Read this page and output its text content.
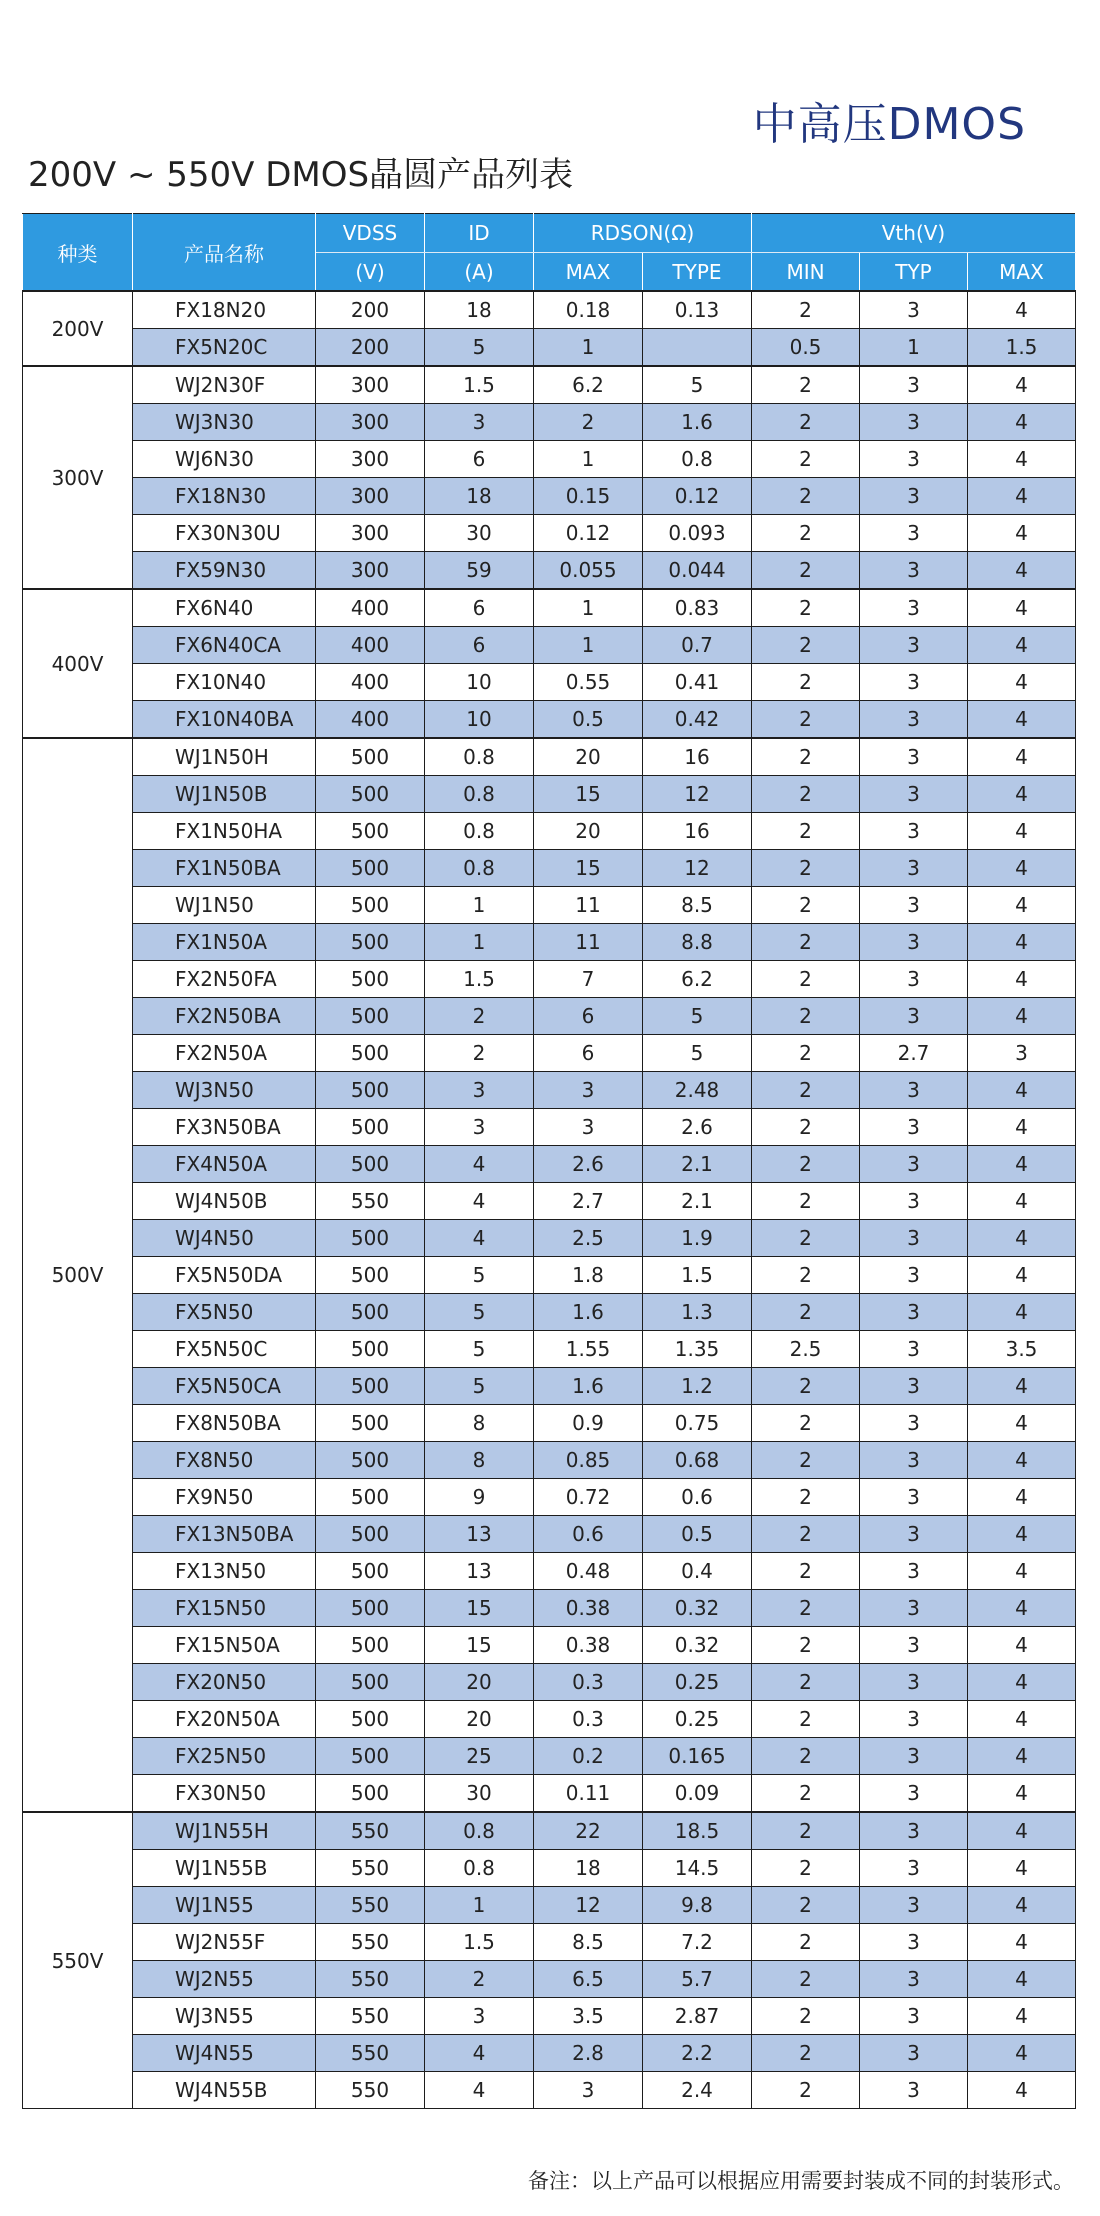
中高压DMOS
200V ~ 550V DMOS晶圆产品列表
种类	产品名称	VDSS	ID	RDSON(Ω)		Vth(V)		
		(V)	(A)	MAX	TYPE	MIN	TYP	MAX
200V	FX18N20	200	18	0.18	0.13	2	3	4
	FX5N20C	200	5	1		0.5	1	1.5
300V	WJ2N30F	300	1.5	6.2	5	2	3	4
	WJ3N30	300	3	2	1.6	2	3	4
	WJ6N30	300	6	1	0.8	2	3	4
	FX18N30	300	18	0.15	0.12	2	3	4
	FX30N30U	300	30	0.12	0.093	2	3	4
	FX59N30	300	59	0.055	0.044	2	3	4
400V	FX6N40	400	6	1	0.83	2	3	4
	FX6N40CA	400	6	1	0.7	2	3	4
	FX10N40	400	10	0.55	0.41	2	3	4
	FX10N40BA	400	10	0.5	0.42	2	3	4
500V	WJ1N50H	500	0.8	20	16	2	3	4
	WJ1N50B	500	0.8	15	12	2	3	4
	FX1N50HA	500	0.8	20	16	2	3	4
	FX1N50BA	500	0.8	15	12	2	3	4
	WJ1N50	500	1	11	8.5	2	3	4
	FX1N50A	500	1	11	8.8	2	3	4
	FX2N50FA	500	1.5	7	6.2	2	3	4
	FX2N50BA	500	2	6	5	2	3	4
	FX2N50A	500	2	6	5	2	2.7	3
	WJ3N50	500	3	3	2.48	2	3	4
	FX3N50BA	500	3	3	2.6	2	3	4
	FX4N50A	500	4	2.6	2.1	2	3	4
	WJ4N50B	550	4	2.7	2.1	2	3	4
	WJ4N50	500	4	2.5	1.9	2	3	4
	FX5N50DA	500	5	1.8	1.5	2	3	4
	FX5N50	500	5	1.6	1.3	2	3	4
	FX5N50C	500	5	1.55	1.35	2.5	3	3.5
	FX5N50CA	500	5	1.6	1.2	2	3	4
	FX8N50BA	500	8	0.9	0.75	2	3	4
	FX8N50	500	8	0.85	0.68	2	3	4
	FX9N50	500	9	0.72	0.6	2	3	4
	FX13N50BA	500	13	0.6	0.5	2	3	4
	FX13N50	500	13	0.48	0.4	2	3	4
	FX15N50	500	15	0.38	0.32	2	3	4
	FX15N50A	500	15	0.38	0.32	2	3	4
	FX20N50	500	20	0.3	0.25	2	3	4
	FX20N50A	500	20	0.3	0.25	2	3	4
	FX25N50	500	25	0.2	0.165	2	3	4
	FX30N50	500	30	0.11	0.09	2	3	4
550V	WJ1N55H	550	0.8	22	18.5	2	3	4
	WJ1N55B	550	0.8	18	14.5	2	3	4
	WJ1N55	550	1	12	9.8	2	3	4
	WJ2N55F	550	1.5	8.5	7.2	2	3	4
	WJ2N55	550	2	6.5	5.7	2	3	4
	WJ3N55	550	3	3.5	2.87	2	3	4
	WJ4N55	550	4	2.8	2.2	2	3	4
	WJ4N55B	550	4	3	2.4	2	3	4
备注：以上产品可以根据应用需要封装成不同的封装形式。
